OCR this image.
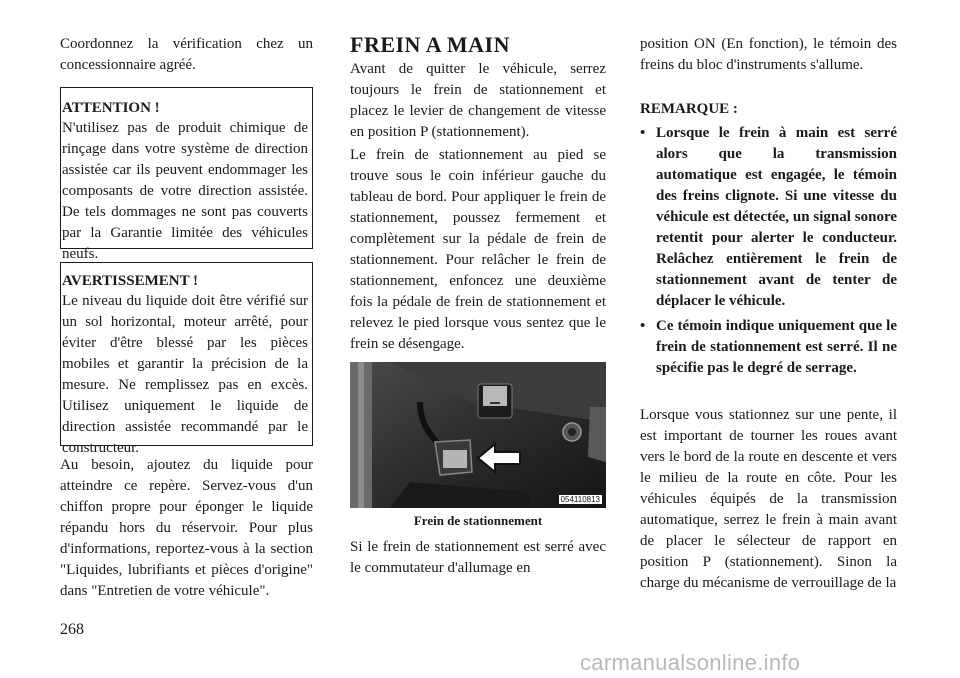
Coordonnez la vérification chez un concessionnaire agréé.

ATTENTION !

N'utilisez pas de produit chimique de rinçage dans votre système de direction assistée car ils peuvent endommager les composants de votre direction assistée. De tels dommages ne sont pas couverts par la Garantie limitée des véhicules neufs.

AVERTISSEMENT !

Le niveau du liquide doit être vérifié sur un sol horizontal, moteur arrêté, pour éviter d'être blessé par les pièces mobiles et garantir la précision de la mesure. Ne remplissez pas en excès. Utilisez uniquement le liquide de direction assistée recommandé par le constructeur.

Au besoin, ajoutez du liquide pour atteindre ce repère. Servez-vous d'un chiffon propre pour éponger le liquide répandu hors du réservoir. Pour plus d'informations, reportez-vous à la section "Liquides, lubrifiants et pièces d'origine" dans "Entretien de votre véhicule".

FREIN A MAIN

Avant de quitter le véhicule, serrez toujours le frein de stationnement et placez le levier de changement de vitesse en position P (stationnement).

Le frein de stationnement au pied se trouve sous le coin inférieur gauche du tableau de bord. Pour appliquer le frein de stationnement, poussez fermement et complètement sur la pédale de frein de stationnement. Pour relâcher le frein de stationnement, enfoncez une deuxième fois la pédale de frein de stationnement et relevez le pied lorsque vous sentez que le frein se désengage.

Si le frein de stationnement est serré avec le commutateur d'allumage en

054110813
Frein de stationnement

position ON (En fonction), le témoin des freins du bloc d'instruments s'allume.

REMARQUE :
• Lorsque le frein à main est serré alors que la transmission automatique est engagée, le témoin des freins clignote. Si une vitesse du véhicule est détectée, un signal sonore retentit pour alerter le conducteur. Relâchez entièrement le frein de stationnement avant de tenter de déplacer le véhicule.
• Ce témoin indique uniquement que le frein de stationnement est serré. Il ne spécifie pas le degré de serrage.

Lorsque vous stationnez sur une pente, il est important de tourner les roues avant vers le bord de la route en descente et vers le milieu de la route en côte. Pour les véhicules équipés de la transmission automatique, serrez le frein à main avant de placer le sélecteur de rapport en position P (stationnement). Sinon la charge du mécanisme de verrouillage de la

268
carmanualsonline.info
